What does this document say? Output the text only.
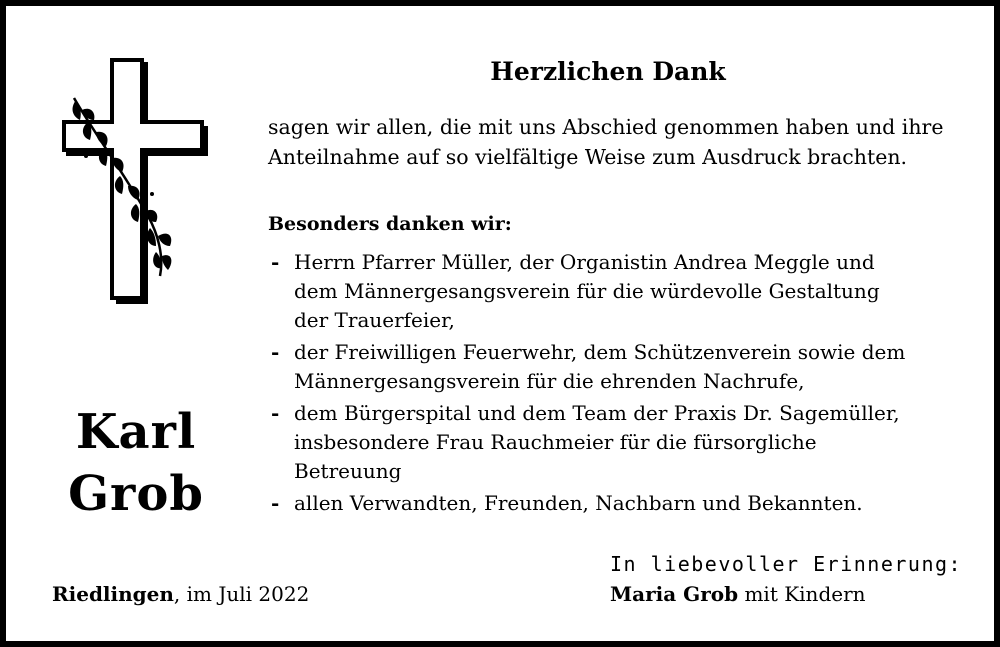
Karl
Grob
Herzlichen Dank
sagen wir allen, die mit uns Abschied genommen haben und ihre
Anteilnahme auf so vielfältige Weise zum Ausdruck brachten.
Besonders danken wir:
- Herrn Pfarrer Müller, der Organistin Andrea Meggle und
dem Männergesangsverein für die würdevolle Gestaltung
der Trauerfeier,
- der Freiwilligen Feuerwehr, dem Schützenverein sowie dem
Männergesangsverein für die ehrenden Nachrufe,
- dem Bürgerspital und dem Team der Praxis Dr. Sagemüller,
insbesondere Frau Rauchmeier für die fürsorgliche
Betreuung
- allen Verwandten, Freunden, Nachbarn und Bekannten.
Riedlingen, im Juli 2022
In liebevoller Erinnerung:
Maria Grob mit Kindern
